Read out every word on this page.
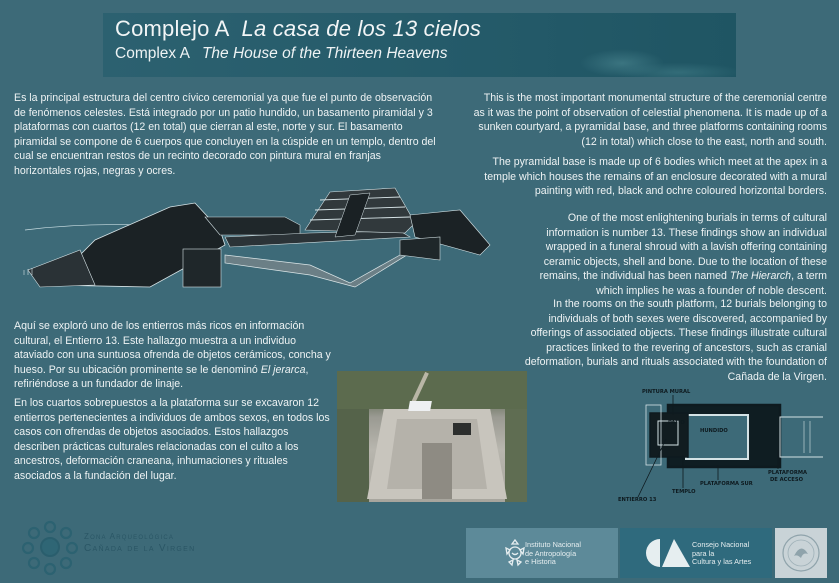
Complejo A La casa de los 13 cielos
Complex A The House of the Thirteen Heavens

Es la principal estructura del centro cívico ceremonial ya que fue el punto de observación de fenómenos celestes. Está integrado por un patio hundido, un basamento piramidal y 3 plataformas con cuartos (12 en total) que cierran al este, norte y sur. El basamento piramidal se compone de 6 cuerpos que concluyen en la cúspide en un templo, dentro del cual se encuentran restos de un recinto decorado con pintura mural en franjas horizontales rojas, negras y ocres.

Aquí se exploró uno de los entierros más ricos en información cultural, el Entierro 13. Este hallazgo muestra a un individuo ataviado con una suntuosa ofrenda de objetos cerámicos, concha y hueso. Por su ubicación prominente se le denominó El jerarca, refiriéndose a un fundador de linaje.

En los cuartos sobrepuestos a la plataforma sur se excavaron 12 entierros pertenecientes a individuos de ambos sexos, en todos los casos con ofrendas de objetos asociados. Estos hallazgos describen prácticas culturales relacionadas con el culto a los ancestros, deformación craneana, inhumaciones y rituales asociados a la fundación del lugar.

This is the most important monumental structure of the ceremonial centre as it was the point of observation of celestial phenomena. It is made up of a sunken courtyard, a pyramidal base, and three platforms containing rooms (12 in total) which close to the east, north and south.

The pyramidal base is made up of 6 bodies which meet at the apex in a temple which houses the remains of an enclosure decorated with a mural painting with red, black and ochre coloured horizontal borders.

One of the most enlightening burials in terms of cultural information is number 13. These findings show an individual wrapped in a funeral shroud with a lavish offering containing ceramic objects, shell and bone. Due to the location of these remains, the individual has been named The Hierarch, a term which implies he was a founder of noble descent.

In the rooms on the south platform, 12 burials belonging to individuals of both sexes were discovered, accompanied by offerings of associated objects. These findings illustrate cultural practices linked to the revering of ancestors, such as cranial deformation, burials and rituals associated with the foundation of Cañada de la Virgen.

PATIO
HUNDIDO
PINTURA MURAL
PLATAFORMA
DE ACCESO
PLATAFORMA SUR
TEMPLO
ENTIERRO 13
Zona Arqueológica
Cañada de la Virgen	Instituto Nacional
de Antropología
e Historia
Consejo Nacional
para la
Cultura y las Artes
